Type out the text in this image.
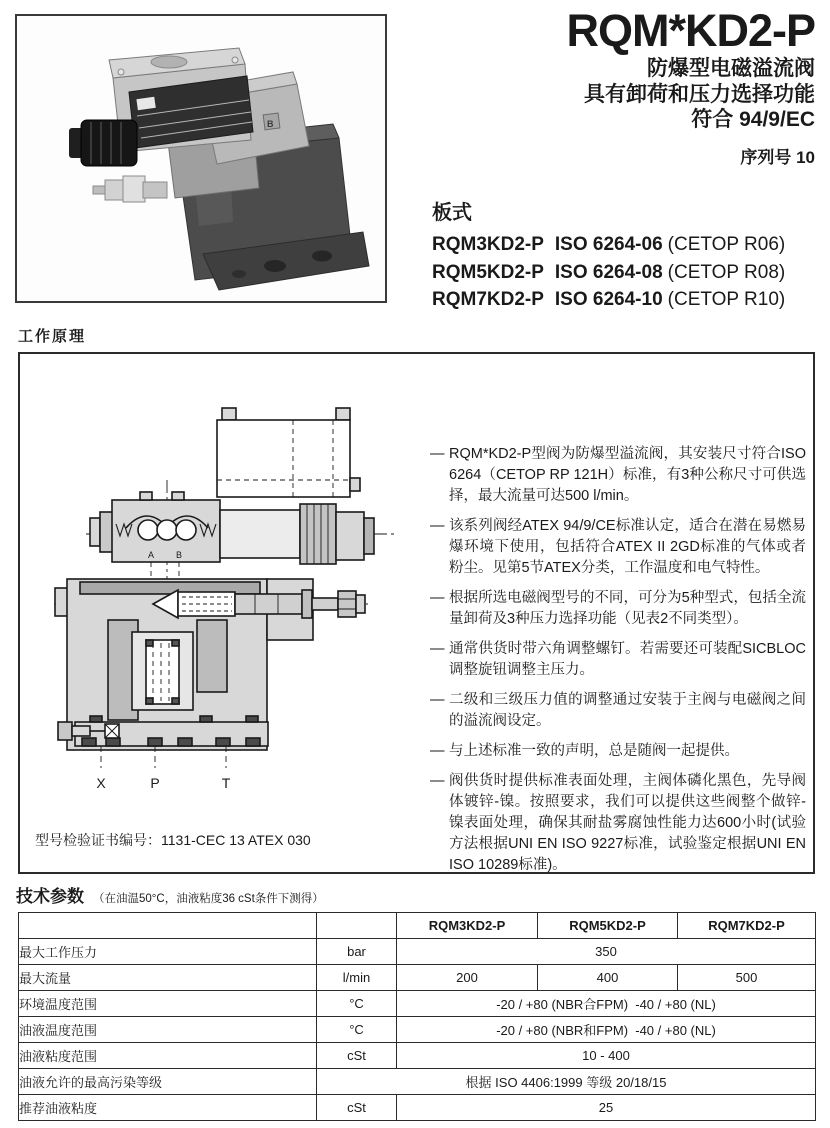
B
RQM*KD2-P
防爆型电磁溢流阀
具有卸荷和压力选择功能
符合 94/9/EC
序列号 10
板式
RQM3KD2-P ISO 6264-06 (CETOP R06)
RQM5KD2-P ISO 6264-08 (CETOP R08)
RQM7KD2-P ISO 6264-10 (CETOP R10)
工作原理
A B
X	P	T
— RQM*KD2-P型阀为防爆型溢流阀，其安装尺寸符合ISO 6264（CETOP RP 121H）标准，有3种公称尺寸可供选择，最大流量可达500 l/min。
— 该系列阀经ATEX 94/9/CE标准认定，适合在潜在易燃易爆环境下使用，包括符合ATEX II 2GD标准的气体或者粉尘。见第5节ATEX分类，工作温度和电气特性。
— 根据所选电磁阀型号的不同，可分为5种型式，包括全流量卸荷及3种压力选择功能（见表2不同类型）。
— 通常供货时带六角调整螺钉。若需要还可装配SICBLOC调整旋钮调整主压力。
— 二级和三级压力值的调整通过安装于主阀与电磁阀之间的溢流阀设定。
— 与上述标准一致的声明，总是随阀一起提供。
— 阀供货时提供标准表面处理，主阀体磷化黑色，先导阀体镀锌-镍。按照要求，我们可以提供这些阀整个做锌-镍表面处理，确保其耐盐雾腐蚀性能力达600小时(试验方法根据UNI EN ISO 9227标准，试验鉴定根据UNI EN ISO 10289标准)。
型号检验证书编号：1131-CEC 13 ATEX 030
技术参数 （在油温50°C，油液粘度36 cSt条件下测得）
		RQM3KD2-P	RQM5KD2-P	RQM7KD2-P
最大工作压力	bar	350		
最大流量	l/min	200	400	500
环境温度范围	°C	-20 / +80 (NBR合FPM)  -40 / +80 (NL)		
油液温度范围	°C	-20 / +80 (NBR和FPM)  -40 / +80 (NL)		
油液粘度范围	cSt	10 - 400		
油液允许的最高污染等级	根据 ISO 4406:1999 等级 20/18/15			
推荐油液粘度	cSt	25		
